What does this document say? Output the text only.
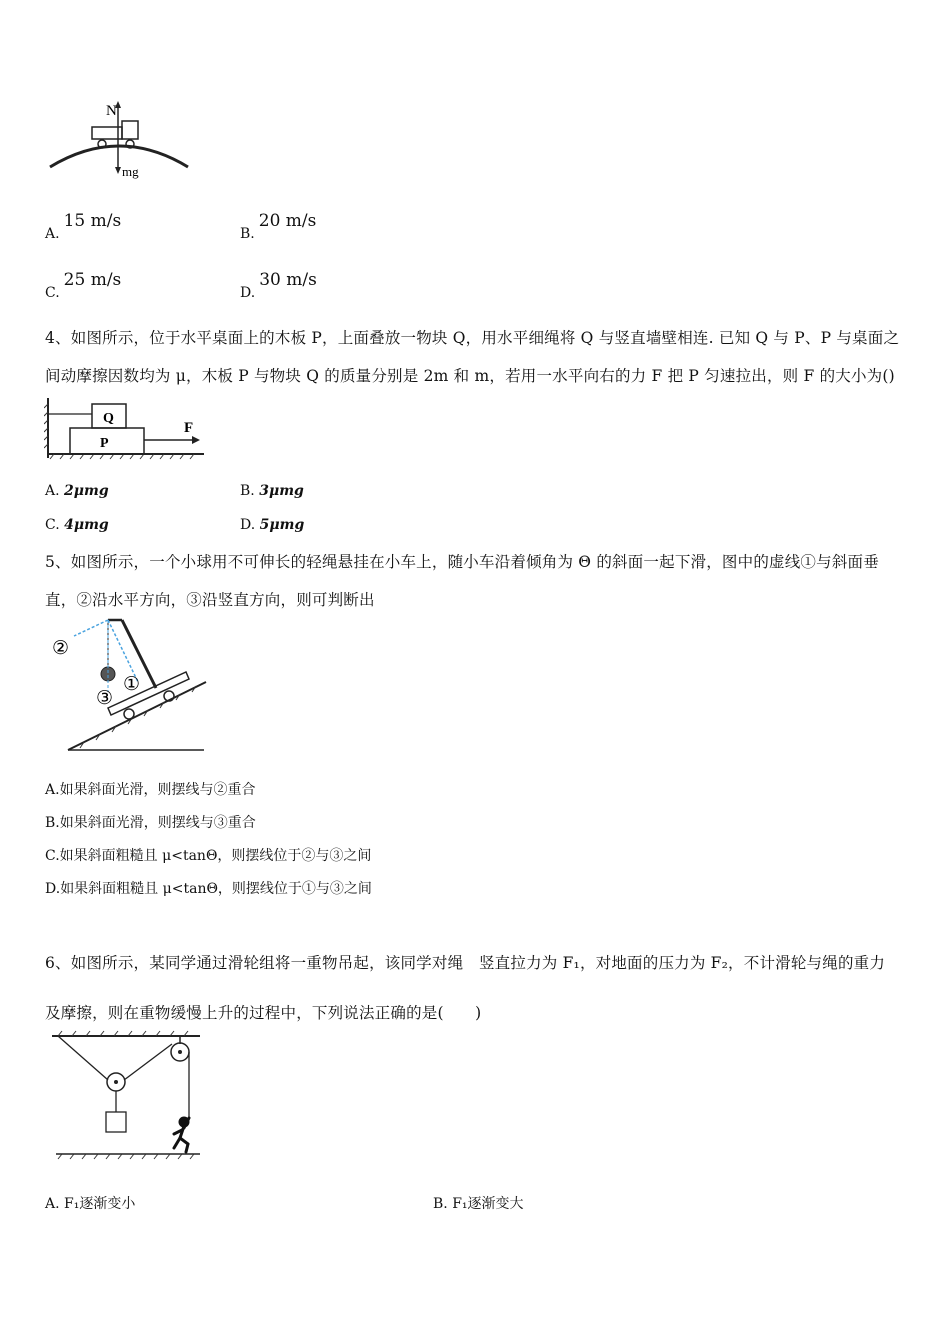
N
mg
A.15 m/s
B.20 m/s
C.25 m/s
D.30 m/s
4、如图所示，位于水平桌面上的木板 P，上面叠放一物块 Q，用水平细绳将 Q 与竖直墙壁相连. 已知 Q 与 P、P 与桌面之
间动摩擦因数均为 μ，木板 P 与物块 Q 的质量分别是 2m 和 m，若用一水平向右的力 F 把 P 匀速拉出，则 F 的大小为()
Q
P
F
A. 2μmg	B. 3μmg
C. 4μmg	D. 5μmg
5、如图所示，一个小球用不可伸长的轻绳悬挂在小车上，随小车沿着倾角为 Θ 的斜面一起下滑，图中的虚线①与斜面垂
直，②沿水平方向，③沿竖直方向，则可判断出
②
③
①
A.如果斜面光滑，则摆线与②重合
B.如果斜面光滑，则摆线与③重合
C.如果斜面粗糙且 μ<tanΘ，则摆线位于②与③之间
D.如果斜面粗糙且 μ<tanΘ，则摆线位于①与③之间
6、如图所示，某同学通过滑轮组将一重物吊起，该同学对绳　竖直拉力为 F₁，对地面的压力为 F₂，不计滑轮与绳的重力
及摩擦，则在重物缓慢上升的过程中，下列说法正确的是(　　)
A. F₁逐渐变小	B. F₁逐渐变大
